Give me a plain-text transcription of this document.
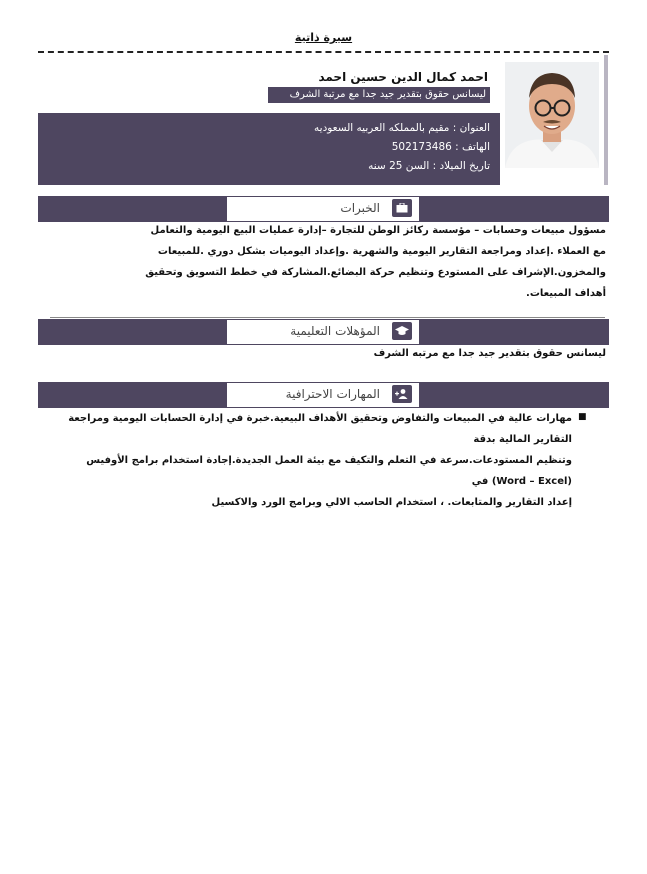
سيرة ذاتية
احمد كمال الدين حسين احمد
ليسانس حقوق بتقدير جيد جدا مع مرتبة الشرف
العنوان : مقيم بالمملكه العربيه السعوديه
الهاتف : 502173486
تاريخ الميلاد : السن 25 سنه
الخبرات
مسؤول مبيعات وحسابات – مؤسسة ركائز الوطن للتجارة –إدارة عمليات البيع اليومية والتعامل
مع العملاء .إعداد ومراجعة التقارير اليومية والشهرية .وإعداد اليوميات بشكل دوري .للمبيعات
والمخزون.الإشراف على المستودع وتنظيم حركة البضائع.المشاركة في خطط التسويق وتحقيق
أهداف المبيعات.
المؤهلات التعليمية
ليسانس حقوق بتقدير جيد جدا مع مرتبه الشرف
المهارات الاحترافية
■
مهارات عالية في المبيعات والتفاوض وتحقيق الأهداف البيعية.خبرة في إدارة الحسابات اليومية ومراجعة التقارير المالية بدقة
وتنظيم المستودعات.سرعة في التعلم والتكيف مع بيئة العمل الجديدة.إجادة استخدام برامج الأوفيس (Word – Excel) في
إعداد التقارير والمتابعات. ، استخدام الحاسب الالي وبرامج الورد والاكسيل
